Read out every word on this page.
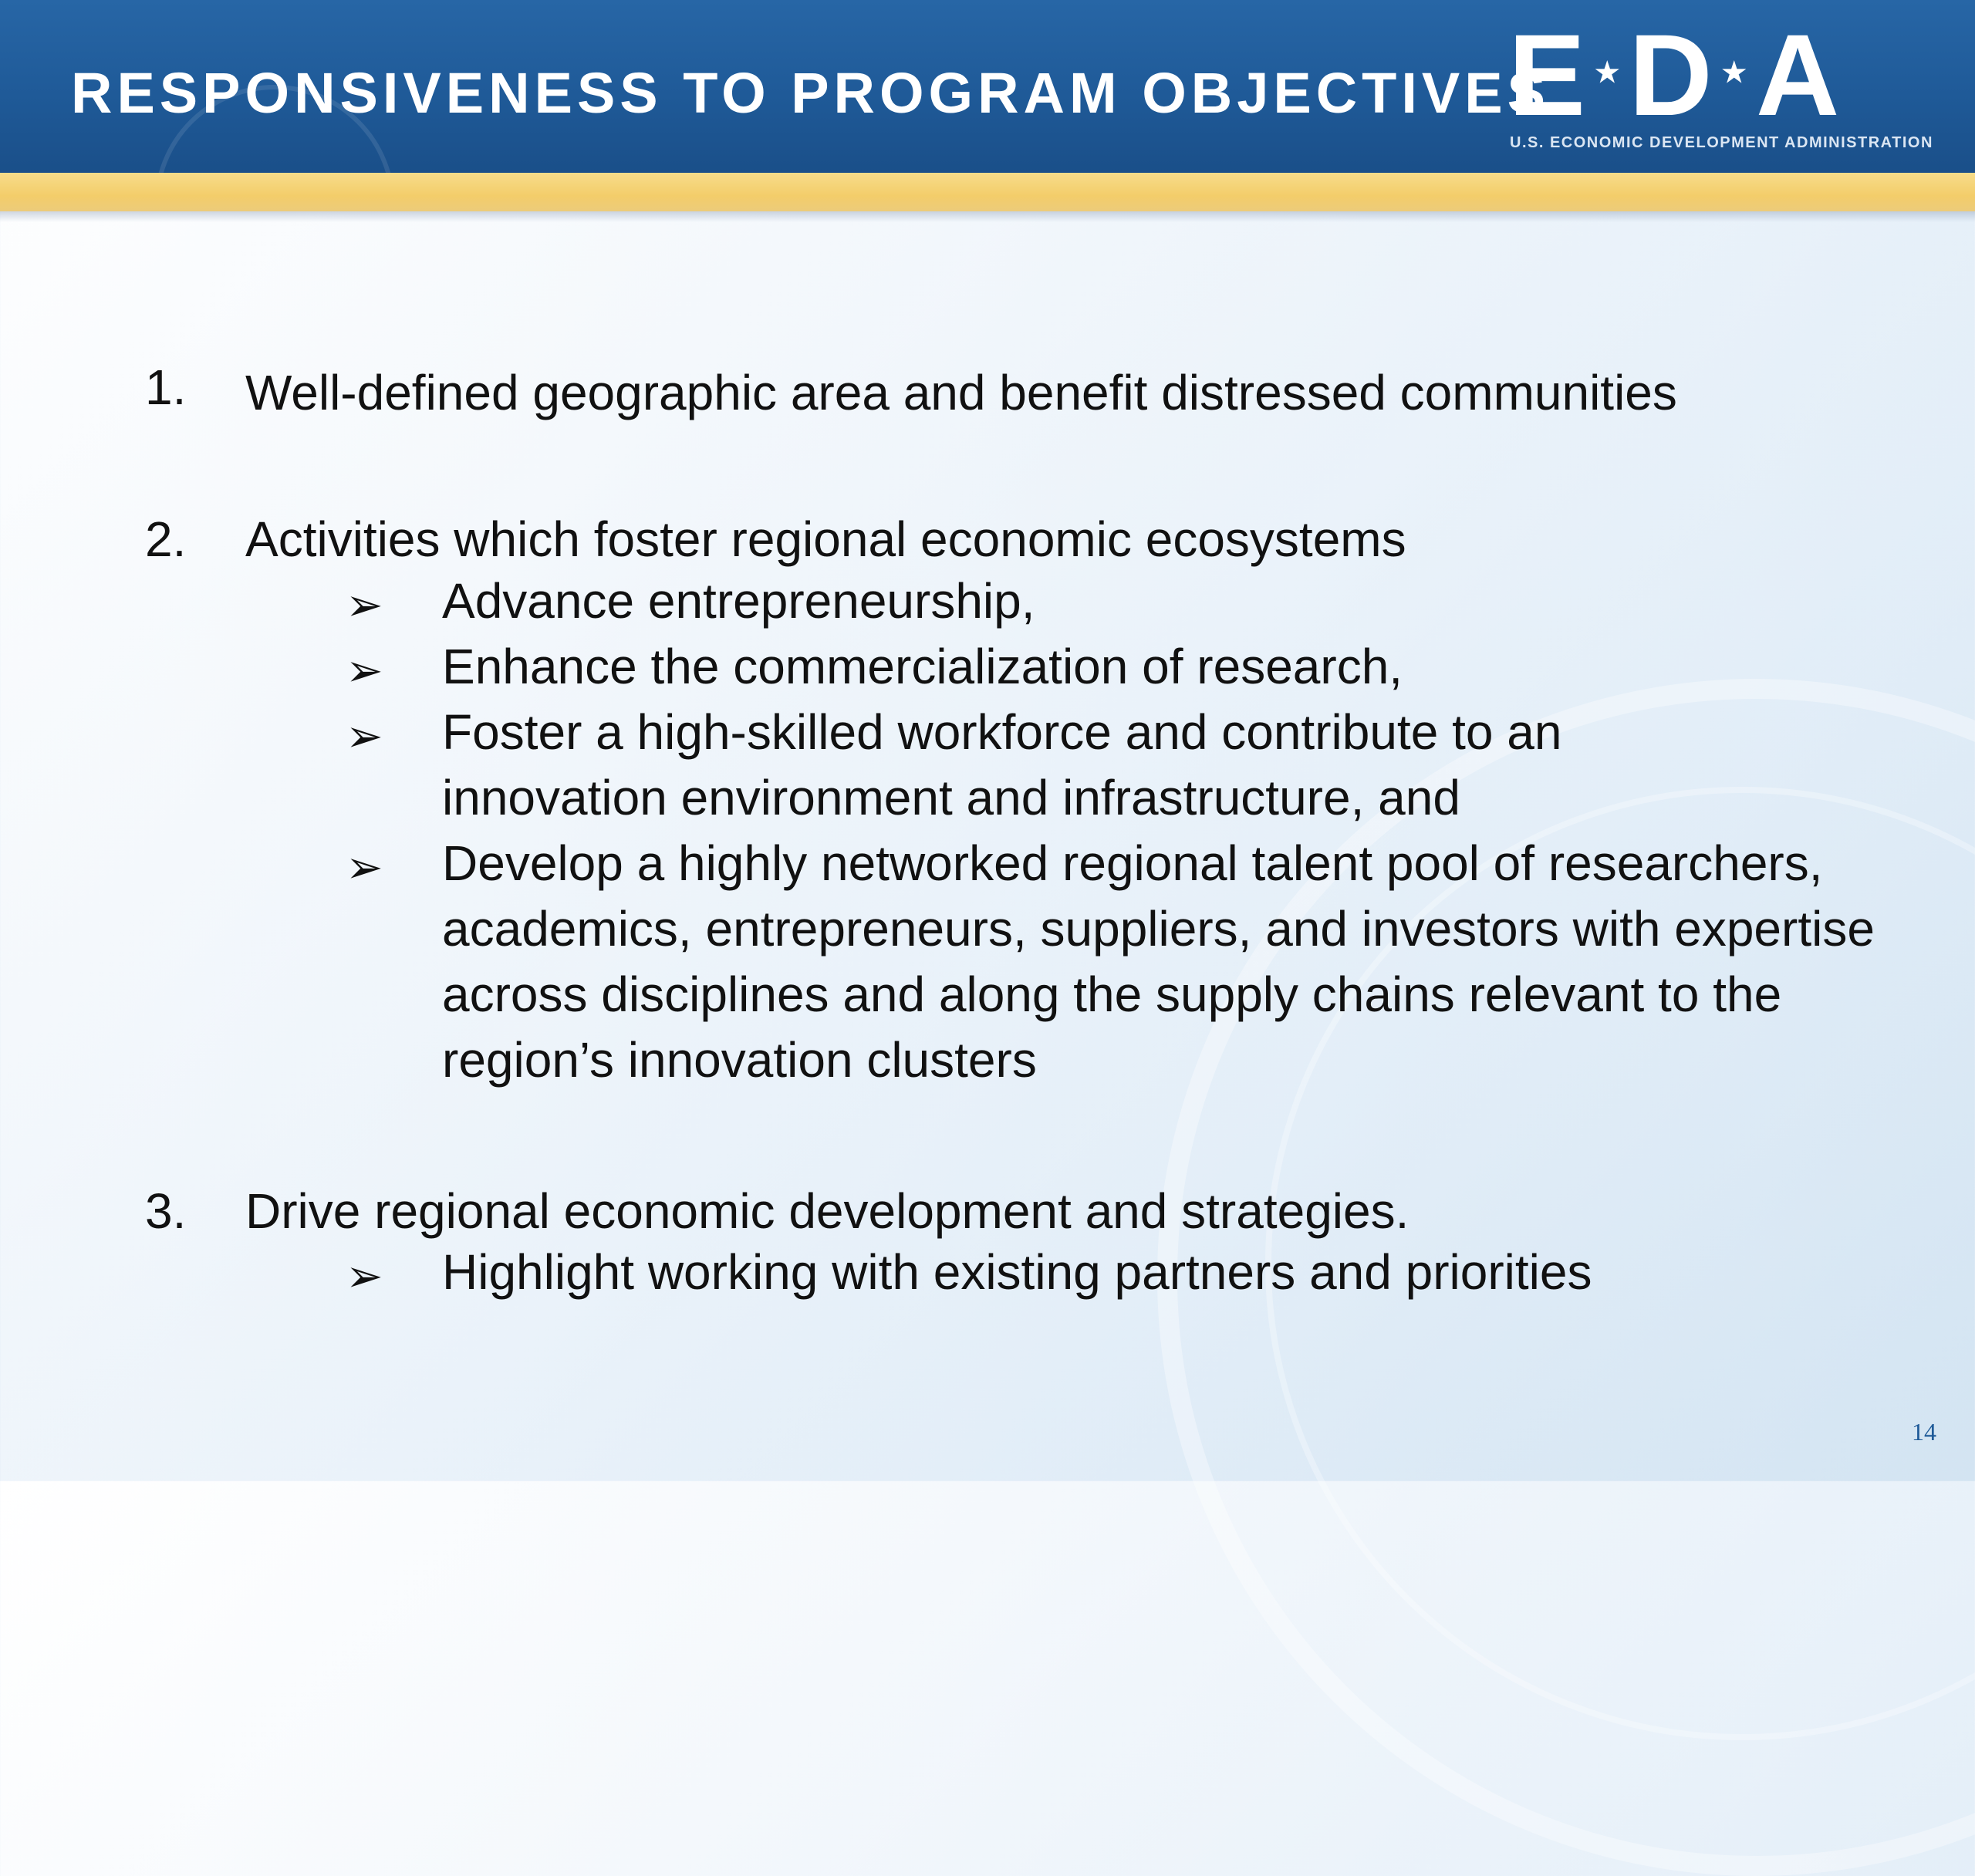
RESPONSIVENESS TO PROGRAM OBJECTIVES
E ★ D ★ A
U.S. ECONOMIC DEVELOPMENT ADMINISTRATION
1. Well-defined geographic area and benefit distressed communities
2. Activities which foster regional economic ecosystems
➢ Advance entrepreneurship,
➢ Enhance the commercialization of research,
➢ Foster a high-skilled workforce and contribute to an innovation environment and infrastructure, and
➢ Develop a highly networked regional talent pool of researchers, academics, entrepreneurs, suppliers, and investors with expertise across disciplines and along the supply chains relevant to the region’s innovation clusters
3. Drive regional economic development and strategies.
➢ Highlight working with existing partners and priorities
14
